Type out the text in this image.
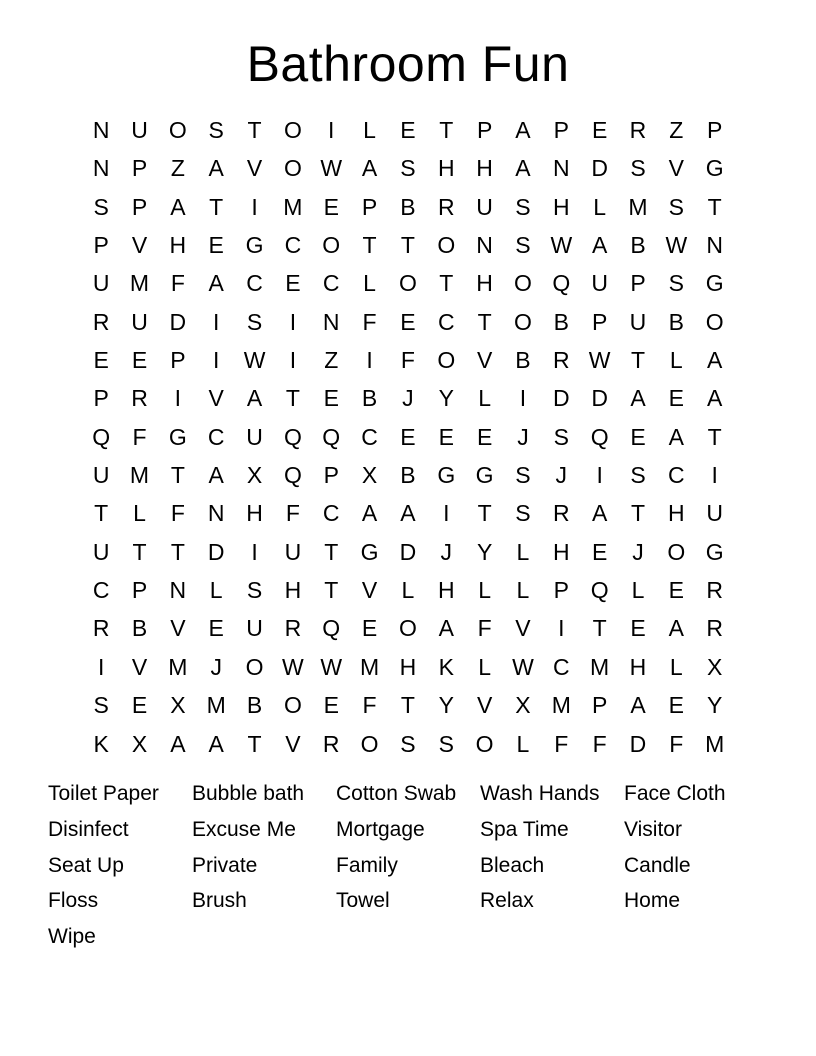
Bathroom Fun
N U O S	T O	I	L	E	T	P	A	P	E R	Z	P
N P	Z	A	V O W A	S H H A N D S	V G
S	P	A	T	I	M E	P	B R U S H	L M S	T
P	V H E G C O T	T O N S W A	B W N
U M F	A C E C	L	O T	H O Q U P	S G
R U D	I	S	I	N	F	E C	T O B	P U B O
E	E	P	I	W	I	Z	I	F O V	B R W T	L	A
P R	I	V	A	T	E	B	J	Y	L	I	D D A	E	A
Q F G C U Q Q C E	E	E	J	S Q E	A	T
U M T	A	X Q P	X	B G G S	J	I	S C	I
T	L	F	N H	F	C A	A	I	T	S R A	T	H U
U	T	T	D	I	U	T G D	J	Y	L	H E	J	O G
C P N	L	S H	T	V	L	H	L	L	P Q	L	E R
R B	V	E U R Q E O A	F	V	I	T	E	A R
I	V M	J	O W W M H K	L W C M H	L	X
S	E	X M B O E	F	T	Y	V	X M P	A	E	Y
K	X	A	A	T	V R O S	S O	L	F	F	D	F M
Toilet Paper	Bubble bath	Cotton Swab	Wash Hands	Face Cloth
Disinfect	Excuse Me	Mortgage	Spa Time	Visitor
Seat Up	Private	Family	Bleach	Candle
Floss	Brush	Towel	Relax	Home
Wipe
